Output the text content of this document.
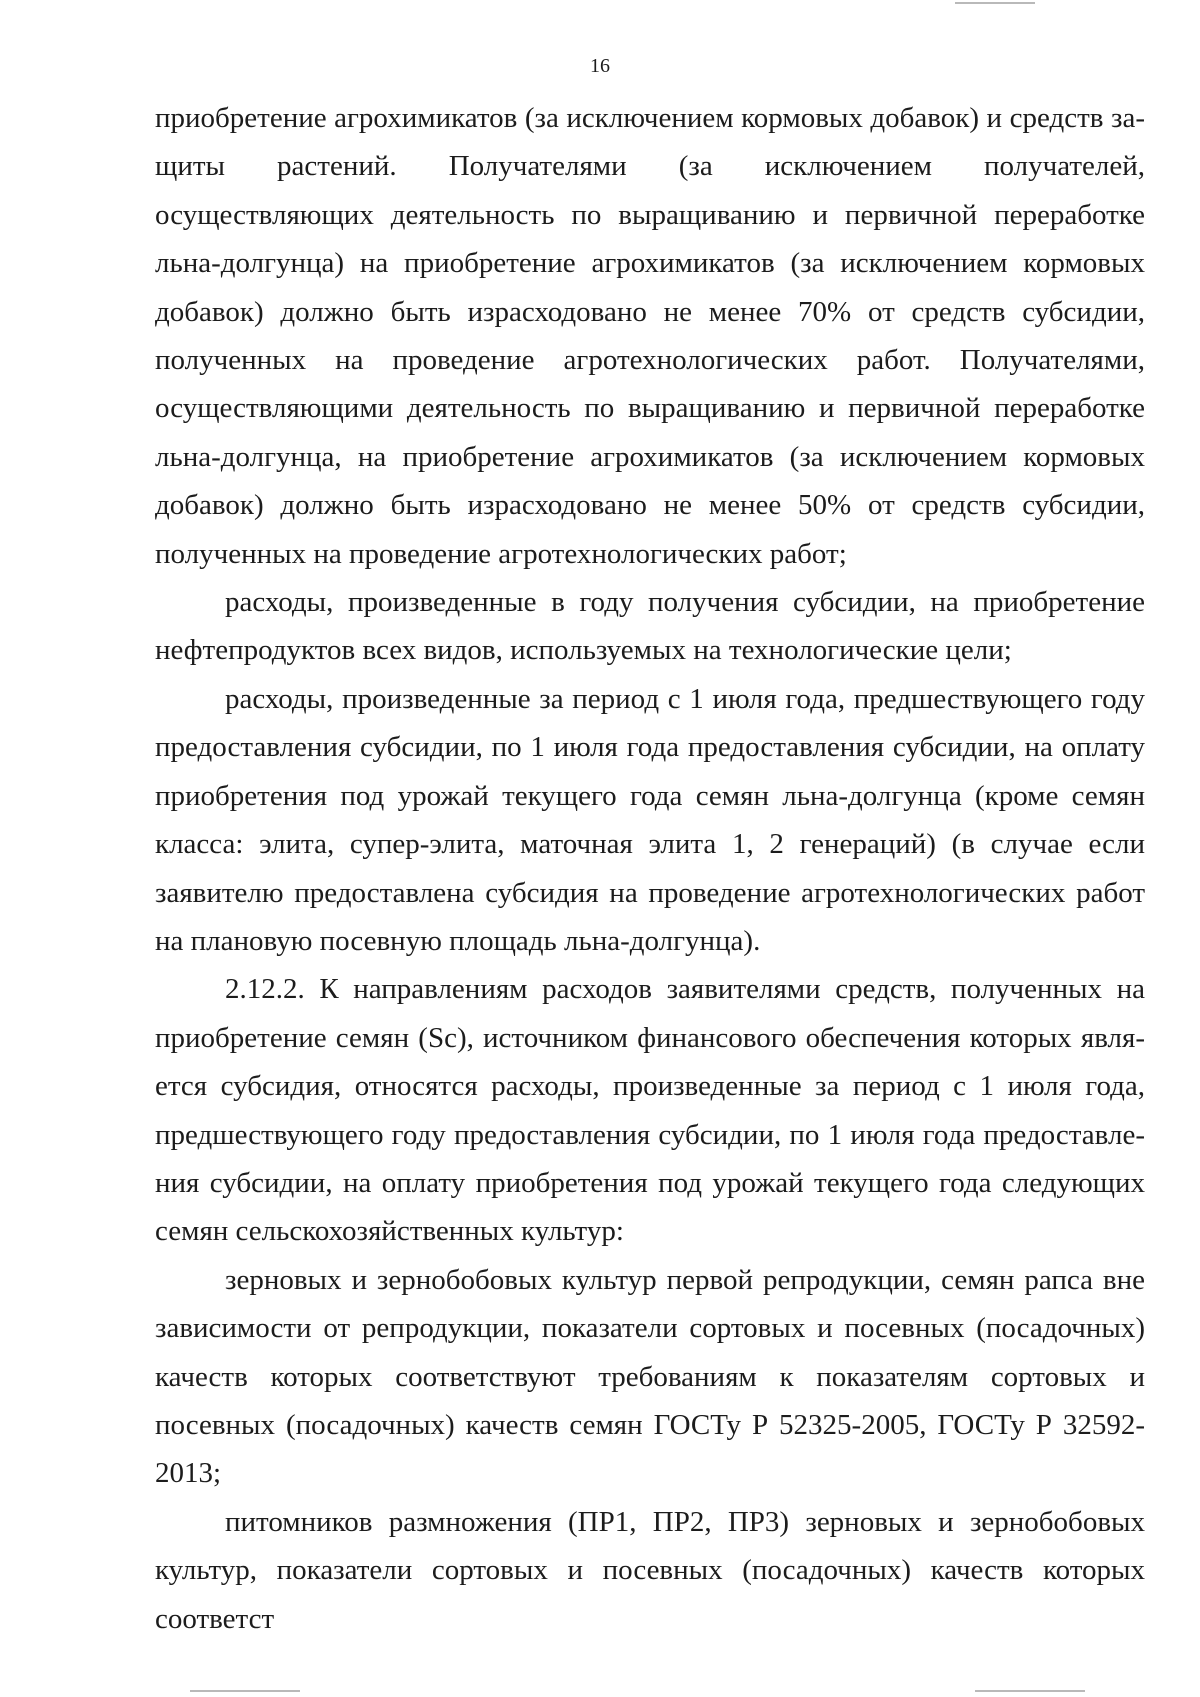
16

приобретение агрохимикатов (за исключением кормовых добавок) и средств защиты растений. Получателями (за исключением получателей, осуществляющих деятельность по выращиванию и первичной переработке льна-долгунца) на приобретение агрохимикатов (за исключением кормовых добавок) должно быть израсходовано не менее 70% от средств субсидии, полученных на проведение агротехнологических работ. Получателями, осуществляющими деятельность по выращиванию и первичной переработке льна-долгунца, на приобретение агрохимикатов (за исключением кормовых добавок) должно быть израсходовано не менее 50% от средств субсидии, полученных на проведение агротехнологических работ;

расходы, произведенные в году получения субсидии, на приобретение нефтепродуктов всех видов, используемых на технологические цели;

расходы, произведенные за период с 1 июля года, предшествующего году предоставления субсидии, по 1 июля года предоставления субсидии, на оплату приобретения под урожай текущего года семян льна-долгунца (кроме семян класса: элита, супер-элита, маточная элита 1, 2 генераций) (в случае если заявителю предоставлена субсидия на проведение агротехнологических работ на плановую посевную площадь льна-долгунца).

2.12.2. К направлениям расходов заявителями средств, полученных на приобретение семян (Sc), источником финансового обеспечения которых является субсидия, относятся расходы, произведенные за период с 1 июля года, предшествующего году предоставления субсидии, по 1 июля года предоставления субсидии, на оплату приобретения под урожай текущего года следующих семян сельскохозяйственных культур:

зерновых и зернобобовых культур первой репродукции, семян рапса вне зависимости от репродукции, показатели сортовых и посевных (посадочных) качеств которых соответствуют требованиям к показателям сортовых и посевных (посадочных) качеств семян ГОСТу Р 52325-2005, ГОСТу Р 32592-2013;

питомников размножения (ПР1, ПР2, ПР3) зерновых и зернобобовых культур, показатели сортовых и посевных (посадочных) качеств которых соответст
